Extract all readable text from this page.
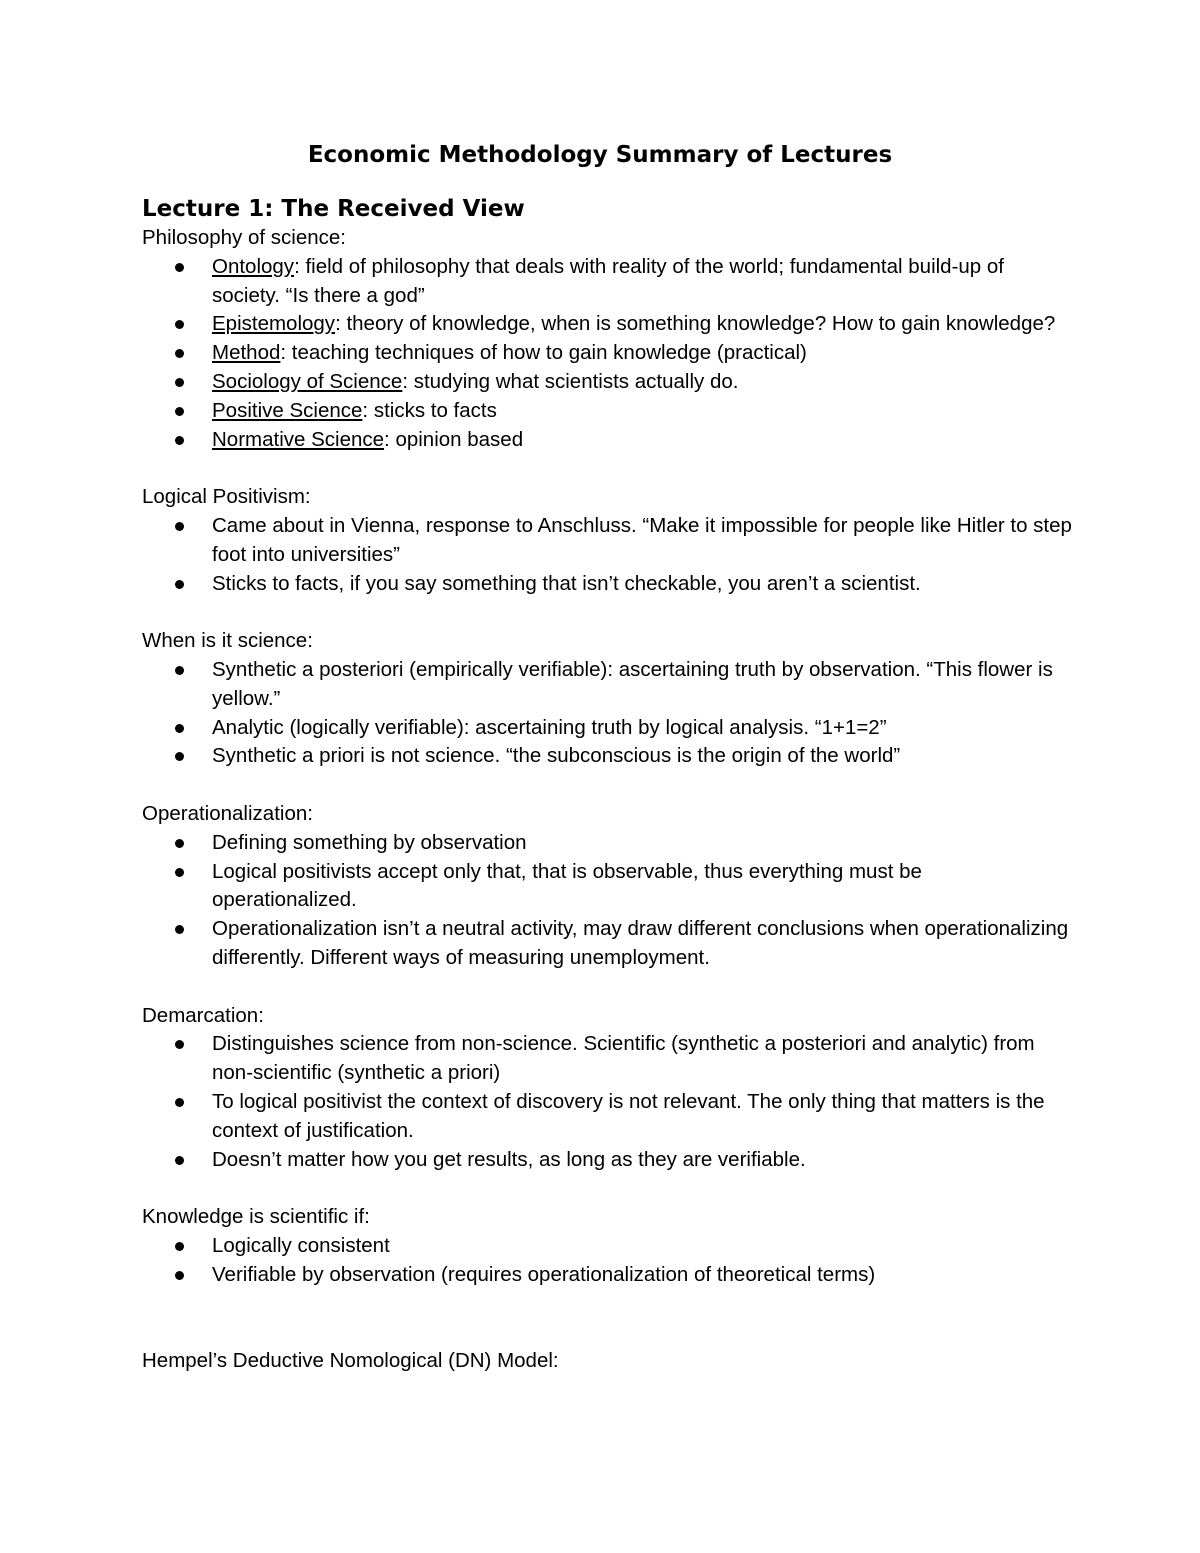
Economic Methodology Summary of Lectures
Lecture 1: The Received View
Philosophy of science:
Ontology: field of philosophy that deals with reality of the world; fundamental build-up of society. “Is there a god”
Epistemology: theory of knowledge, when is something knowledge? How to gain knowledge?
Method: teaching techniques of how to gain knowledge (practical)
Sociology of Science: studying what scientists actually do.
Positive Science: sticks to facts
Normative Science: opinion based
Logical Positivism:
Came about in Vienna, response to Anschluss. “Make it impossible for people like Hitler to step foot into universities”
Sticks to facts, if you say something that isn’t checkable, you aren’t a scientist.
When is it science:
Synthetic a posteriori (empirically verifiable): ascertaining truth by observation. “This flower is yellow.”
Analytic (logically verifiable): ascertaining truth by logical analysis. “1+1=2”
Synthetic a priori is not science. “the subconscious is the origin of the world”
Operationalization:
Defining something by observation
Logical positivists accept only that, that is observable, thus everything must be operationalized.
Operationalization isn’t a neutral activity, may draw different conclusions when operationalizing differently. Different ways of measuring unemployment.
Demarcation:
Distinguishes science from non-science. Scientific (synthetic a posteriori and analytic) from non-scientific (synthetic a priori)
To logical positivist the context of discovery is not relevant. The only thing that matters is the context of justification.
Doesn’t matter how you get results, as long as they are verifiable.
Knowledge is scientific if:
Logically consistent
Verifiable by observation (requires operationalization of theoretical terms)
Hempel’s Deductive Nomological (DN) Model:
